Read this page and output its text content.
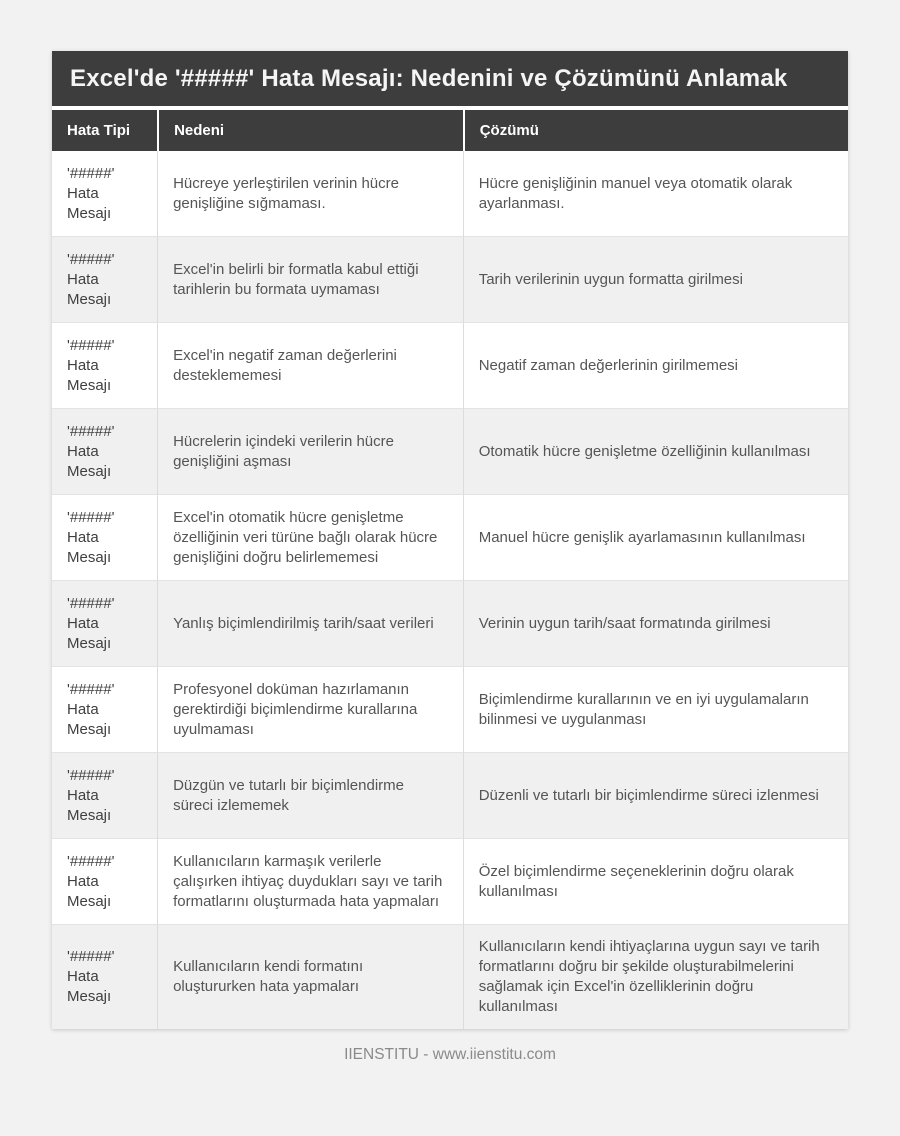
Excel'de '#####' Hata Mesajı: Nedenini ve Çözümünü Anlamak
Hata Tipi	Nedeni	Çözümü
'#####' Hata Mesajı	Hücreye yerleştirilen verinin hücre genişliğine sığmaması.	Hücre genişliğinin manuel veya otomatik olarak ayarlanması.
'#####' Hata Mesajı	Excel'in belirli bir formatla kabul ettiği tarihlerin bu formata uymaması	Tarih verilerinin uygun formatta girilmesi
'#####' Hata Mesajı	Excel'in negatif zaman değerlerini desteklememesi	Negatif zaman değerlerinin girilmemesi
'#####' Hata Mesajı	Hücrelerin içindeki verilerin hücre genişliğini aşması	Otomatik hücre genişletme özelliğinin kullanılması
'#####' Hata Mesajı	Excel'in otomatik hücre genişletme özelliğinin veri türüne bağlı olarak hücre genişliğini doğru belirlememesi	Manuel hücre genişlik ayarlamasının kullanılması
'#####' Hata Mesajı	Yanlış biçimlendirilmiş tarih/saat verileri	Verinin uygun tarih/saat formatında girilmesi
'#####' Hata Mesajı	Profesyonel doküman hazırlamanın gerektirdiği biçimlendirme kurallarına uyulmaması	Biçimlendirme kurallarının ve en iyi uygulamaların bilinmesi ve uygulanması
'#####' Hata Mesajı	Düzgün ve tutarlı bir biçimlendirme süreci izlememek	Düzenli ve tutarlı bir biçimlendirme süreci izlenmesi
'#####' Hata Mesajı	Kullanıcıların karmaşık verilerle çalışırken ihtiyaç duydukları sayı ve tarih formatlarını oluşturmada hata yapmaları	Özel biçimlendirme seçeneklerinin doğru olarak kullanılması
'#####' Hata Mesajı	Kullanıcıların kendi formatını oluştururken hata yapmaları	Kullanıcıların kendi ihtiyaçlarına uygun sayı ve tarih formatlarını doğru bir şekilde oluşturabilmelerini sağlamak için Excel'in özelliklerinin doğru kullanılması
IIENSTITU - www.iienstitu.com
